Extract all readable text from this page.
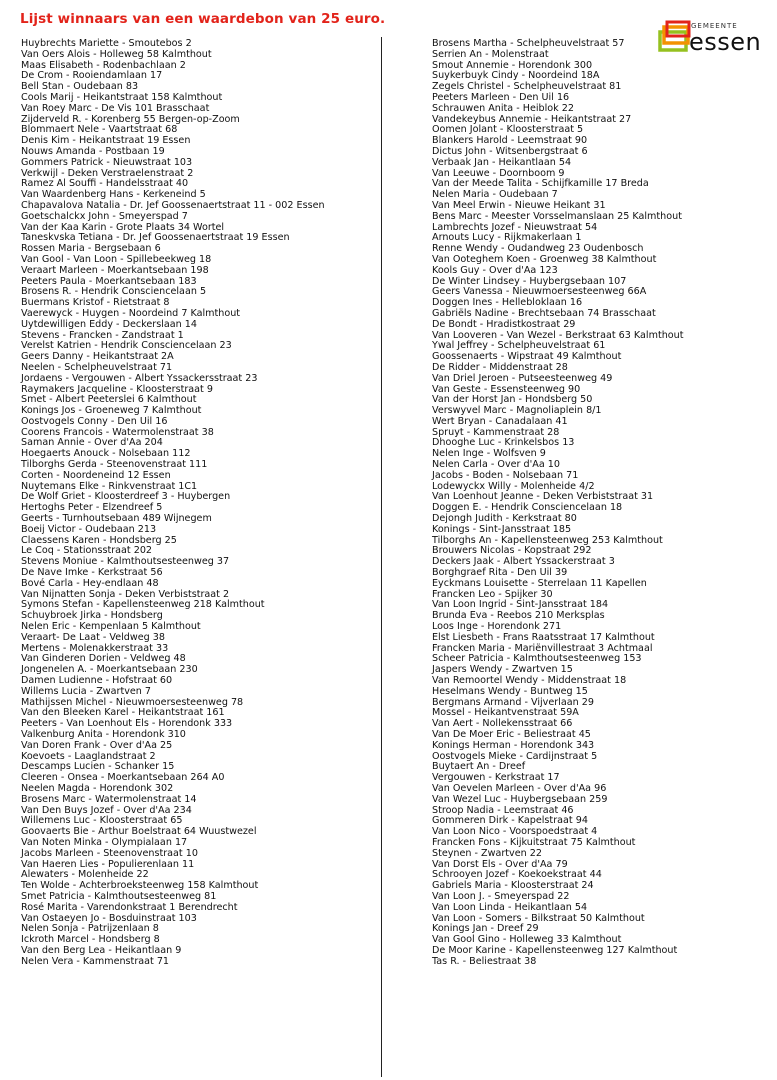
Lijst winnaars van een waardebon van 25 euro.	GEMEENTE
essen
Huybrechts Mariette - Smoutebos 2
Van Oers Alois - Holleweg 58 Kalmthout
Maas Elisabeth - Rodenbachlaan 2
De Crom - Rooiendamlaan 17
Bell Stan - Oudebaan 83
Cools Marij - Heikantstraat 158 Kalmthout
Van Roey Marc - De Vis 101 Brasschaat
Zijderveld R. - Korenberg 55 Bergen-op-Zoom
Blommaert Nele - Vaartstraat 68
Denis Kim - Heikantstraat 19 Essen
Nouws Amanda - Postbaan 19
Gommers Patrick - Nieuwstraat 103
Verkwijl - Deken Verstraelenstraat 2
Ramez Al Souffi - Handelsstraat 40
Van Waardenberg Hans - Kerkeneind 5
Chapavalova Natalia - Dr. Jef Goossenaertstraat 11 - 002 Essen
Goetschalckx John - Smeyerspad 7
Van der Kaa Karin - Grote Plaats 34 Wortel
Taneskvska Tetiana - Dr. Jef Goossenaertstraat 19 Essen
Rossen Maria - Bergsebaan 6
Van Gool - Van Loon - Spillebeekweg 18
Veraart Marleen - Moerkantsebaan 198
Peeters Paula - Moerkantsebaan 183
Brosens R. - Hendrik Consciencelaan 5
Buermans Kristof - Rietstraat 8
Vaerewyck - Huygen - Noordeind 7 Kalmthout
Uytdewilligen Eddy - Deckerslaan 14
Stevens - Francken - Zandstraat 1
Verelst Katrien - Hendrik Consciencelaan 23
Geers Danny - Heikantstraat 2A
Neelen - Schelpheuvelstraat 71
Jordaens - Vergouwen - Albert Yssackersstraat 23
Raymakers Jacqueline - Kloosterstraat 9
Smet - Albert Peeterslei 6 Kalmthout
Konings Jos - Groeneweg 7 Kalmthout
Oostvogels Conny - Den Uil 16
Coorens Francois - Watermolenstraat 38
Saman Annie - Over d'Aa 204
Hoegaerts Anouck - Nolsebaan 112
Tilborghs Gerda - Steenovenstraat 111
Corten - Noordeneind 12 Essen
Nuytemans Elke - Rinkvenstraat 1C1
De Wolf Griet - Kloosterdreef 3 - Huybergen
Hertoghs Peter - Elzendreef 5
Geerts - Turnhoutsebaan 489 Wijnegem
Boeij Victor - Oudebaan 213
Claessens Karen - Hondsberg 25
Le Coq - Stationsstraat 202
Stevens Moniue - Kalmthoutsesteenweg 37
De Nave Imke - Kerkstraat 56
Bové Carla - Hey-endlaan 48
Van Nijnatten Sonja - Deken Verbiststraat 2
Symons Stefan - Kapellensteenweg 218 Kalmthout
Schuybroek Jirka - Hondsberg
Nelen Eric - Kempenlaan 5 Kalmthout
Veraart- De Laat - Veldweg 38
Mertens - Molenakkerstraat 33
Van Ginderen Dorien - Veldweg 48
Jongenelen A. - Moerkantsebaan 230
Damen Ludienne - Hofstraat 60
Willems Lucia - Zwartven 7
Mathijssen Michel - Nieuwmoersesteenweg 78
Van den Bleeken Karel - Heikantstraat 161
Peeters - Van Loenhout Els - Horendonk 333
Valkenburg Anita - Horendonk 310
Van Doren Frank - Over d'Aa 25
Koevoets - Laaglandstraat 2
Descamps Lucien - Schanker 15
Cleeren - Onsea - Moerkantsebaan 264 A0
Neelen Magda - Horendonk 302
Brosens Marc - Watermolenstraat 14
Van Den Buys Jozef - Over d'Aa 234
Willemens Luc - Kloosterstraat 65
Goovaerts Bie - Arthur Boelstraat 64 Wuustwezel
Van Noten Minka - Olympialaan 17
Jacobs Marleen - Steenovenstraat 10
Van Haeren Lies - Populierenlaan 11
Alewaters - Molenheide 22
Ten Wolde - Achterbroeksteenweg 158 Kalmthout
Smet Patricia - Kalmthoutsesteenweg 81
Rosé Marita - Varendonkstraat 1 Berendrecht
Van Ostaeyen Jo - Bosduinstraat 103
Nelen Sonja - Patrijzenlaan 8
Ickroth Marcel - Hondsberg 8
Van den Berg Lea - Heikantlaan 9
Nelen Vera - Kammenstraat 71
Brosens Martha - Schelpheuvelstraat 57
Serrien An - Molenstraat
Smout Annemie - Horendonk 300
Suykerbuyk Cindy - Noordeind 18A
Zegels Christel - Schelpheuvelstraat 81
Peeters Marleen - Den Uil 16
Schrauwen Anita - Heiblok 22
Vandekeybus Annemie - Heikantstraat 27
Oomen Jolant - Kloosterstraat 5
Blankers Harold - Leemstraat 90
Dictus John - Witsenbergstraat 6
Verbaak Jan - Heikantlaan 54
Van Leeuwe - Doornboom 9
Van der Meede Talita - Schijfkamille 17 Breda
Nelen Maria - Oudebaan 7
Van Meel Erwin - Nieuwe Heikant 31
Bens Marc - Meester Vorsselmanslaan 25 Kalmthout
Lambrechts Jozef - Nieuwstraat 54
Arnouts Lucy - Rijkmakerlaan 1
Renne Wendy - Oudandweg 23 Oudenbosch
Van Ooteghem Koen - Groenweg 38 Kalmthout
Kools Guy - Over d'Aa 123
De Winter Lindsey - Huybergsebaan 107
Geers Vanessa - Nieuwmoersesteenweg 66A
Doggen Ines - Hellebloklaan 16
Gabriëls Nadine - Brechtsebaan 74 Brasschaat
De Bondt - Hradistkostraat 29
Van Looveren - Van Wezel - Berkstraat 63 Kalmthout
Ywal Jeffrey - Schelpheuvelstraat 61
Goossenaerts - Wipstraat 49 Kalmthout
De Ridder - Middenstraat 28
Van Driel Jeroen - Putseesteenweg 49
Van Geste - Essensteenweg 90
Van der Horst Jan - Hondsberg 50
Verswyvel Marc - Magnoliaplein 8/1
Wert Bryan - Canadalaan 41
Spruyt - Kammenstraat 28
Dhooghe Luc - Krinkelsbos 13
Nelen Inge - Wolfsven 9
Nelen Carla - Over d'Aa 10
Jacobs - Boden - Nolsebaan 71
Lodewyckx Willy - Molenheide 4/2
Van Loenhout Jeanne - Deken Verbiststraat 31
Doggen E. - Hendrik Consciencelaan 18
Dejongh Judith - Kerkstraat 80
Konings - Sint-Jansstraat 185
Tilborghs An - Kapellensteenweg 253 Kalmthout
Brouwers Nicolas - Kopstraat 292
Deckers Jaak - Albert Yssackerstraat 3
Borghgraef Rita - Den Uil 39
Eyckmans Louisette - Sterrelaan 11 Kapellen
Francken Leo - Spijker 30
Van Loon Ingrid - Sint-Jansstraat 184
Brunda Eva - Reebos 210 Merksplas
Loos Inge - Horendonk 271
Elst Liesbeth - Frans Raatsstraat 17 Kalmthout
Francken Maria - Mariënvillestraat 3 Achtmaal
Scheer Patricia - Kalmthoutsesteenweg 153
Jaspers Wendy - Zwartven 15
Van Remoortel Wendy - Middenstraat 18
Heselmans Wendy - Buntweg 15
Bergmans Armand - Vijverlaan 29
Mossel - Heikantvenstraat 59A
Van Aert - Nollekensstraat 66
Van De Moer Eric - Beliestraat 45
Konings Herman - Horendonk 343
Oostvogels Mieke - Cardijnstraat 5
Buytaert An - Dreef
Vergouwen - Kerkstraat 17
Van Oevelen Marleen - Over d'Aa 96
Van Wezel Luc - Huybergsebaan 259
Stroop Nadia - Leemstraat 46
Gommeren Dirk - Kapelstraat 94
Van Loon Nico - Voorspoedstraat 4
Francken Fons - Kijkuitstraat 75 Kalmthout
Steynen - Zwartven 22
Van Dorst Els - Over d'Aa 79
Schrooyen Jozef - Koekoekstraat 44
Gabriels Maria - Kloosterstraat 24
Van Loon J. - Smeyerspad 22
Van Loon Linda - Heikantlaan 54
Van Loon - Somers - Bilkstraat 50 Kalmthout
Konings Jan - Dreef 29
Van Gool Gino - Holleweg 33 Kalmthout
De Moor Karine - Kapellensteenweg 127 Kalmthout
Tas R. - Beliestraat 38
